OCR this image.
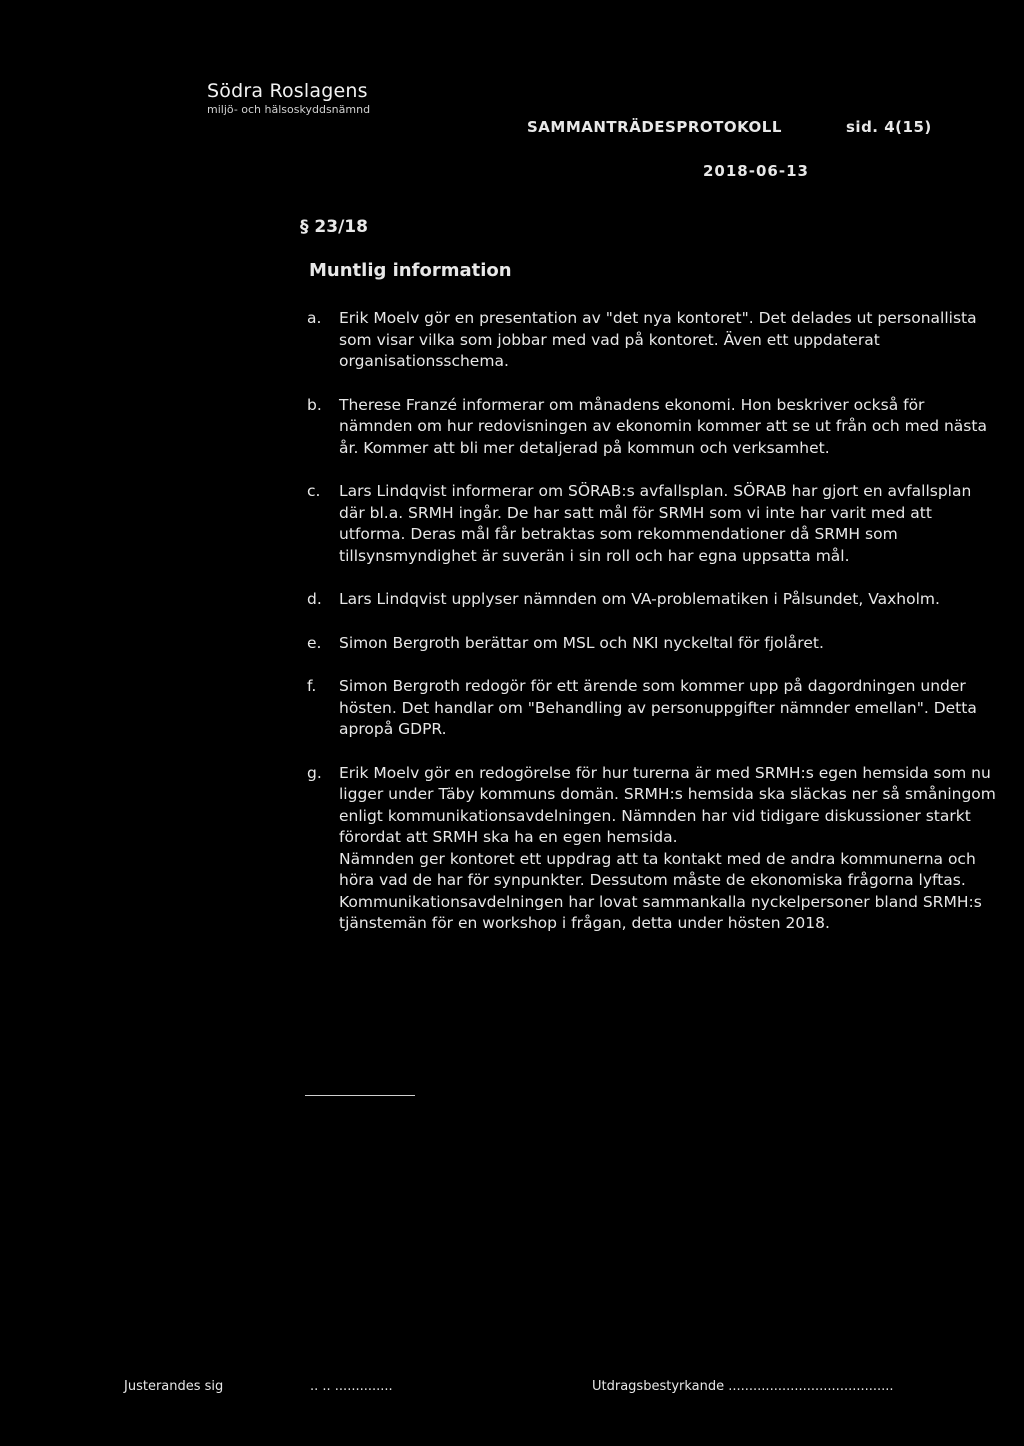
Södra Roslagens
miljö- och hälsoskyddsnämnd
SAMMANTRÄDESPROTOKOLL	sid. 4(15)
2018-06-13
§ 23/18
Muntlig information
a.	Erik Moelv gör en presentation av "det nya kontoret". Det delades ut personallista som visar vilka som jobbar med vad på kontoret. Även ett uppdaterat organisationsschema.

b.	Therese Franzé informerar om månadens ekonomi. Hon beskriver också för nämnden om hur redovisningen av ekonomin kommer att se ut från och med nästa år. Kommer att bli mer detaljerad på kommun och verksamhet.

c.	Lars Lindqvist informerar om SÖRAB:s avfallsplan. SÖRAB har gjort en avfallsplan där bl.a. SRMH ingår. De har satt mål för SRMH som vi inte har varit med att utforma. Deras mål får betraktas som rekommendationer då SRMH som tillsynsmyndighet är suverän i sin roll och har egna uppsatta mål.

d.	Lars Lindqvist upplyser nämnden om VA-problematiken i Pålsundet, Vaxholm.

e.	Simon Bergroth berättar om MSL och NKI nyckeltal för fjolåret.

f.	Simon Bergroth redogör för ett ärende som kommer upp på dagordningen under hösten. Det handlar om "Behandling av personuppgifter nämnder emellan". Detta apropå GDPR.

g.	Erik Moelv gör en redogörelse för hur turerna är med SRMH:s egen hemsida som nu ligger under Täby kommuns domän. SRMH:s hemsida ska släckas ner så småningom enligt kommunikationsavdelningen. Nämnden har vid tidigare diskussioner starkt förordat att SRMH ska ha en egen hemsida.

Nämnden ger kontoret ett uppdrag att ta kontakt med de andra kommunerna och höra vad de har för synpunkter. Dessutom måste de ekonomiska frågorna lyftas.

Kommunikationsavdelningen har lovat sammankalla nyckelpersoner bland SRMH:s tjänstemän för en workshop i frågan, detta under hösten 2018.

Justerandes sig	.. .. ..............	Utdragsbestyrkande ........................................
